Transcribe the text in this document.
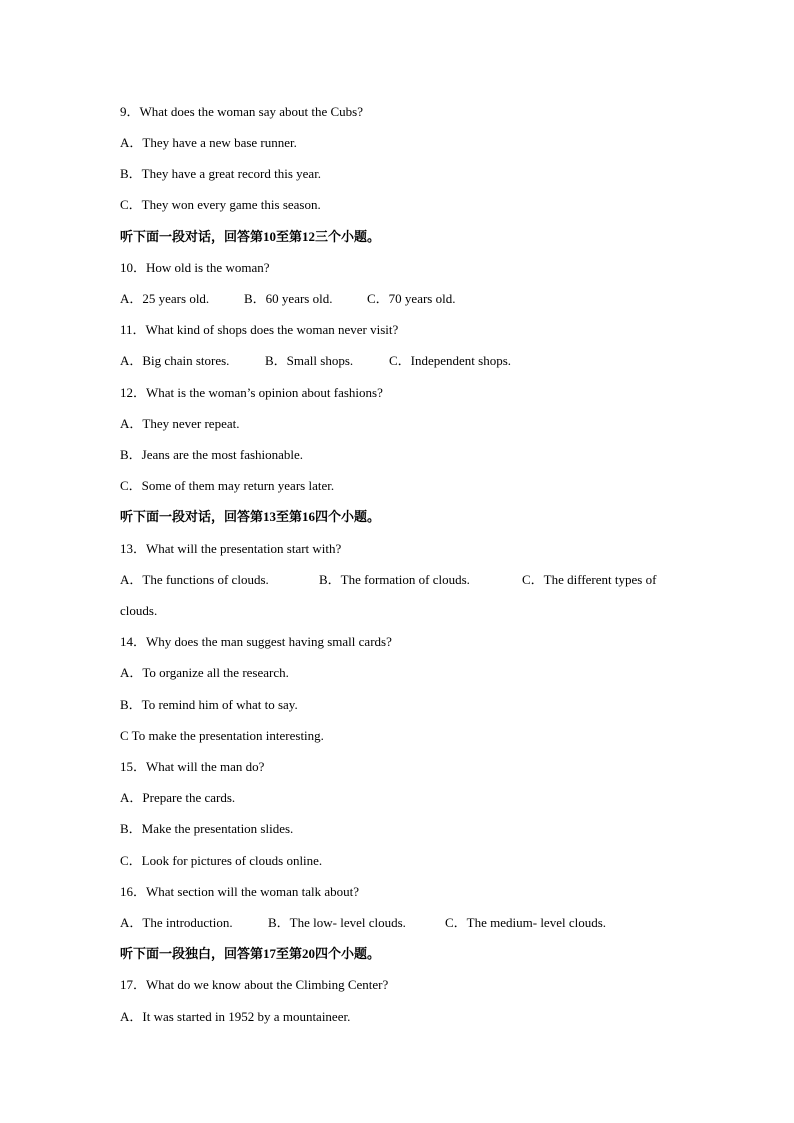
9．What does the woman say about the Cubs?
A．They have a new base runner.
B．They have a great record this year.
C．They won every game this season.
听下面一段对话，回答第10至第12三个小题。
10．How old is the woman?
A．25 years old.	B．60 years old.	C．70 years old.
11．What kind of shops does the woman never visit?
A．Big chain stores.	B．Small shops.	C．Independent shops.
12．What is the woman’s opinion about fashions?
A．They never repeat.
B．Jeans are the most fashionable.
C．Some of them may return years later.
听下面一段对话，回答第13至第16四个小题。
13．What will the presentation start with?
A．The functions of clouds.	B．The formation of clouds.	C．The different types of
clouds.
14．Why does the man suggest having small cards?
A．To organize all the research.
B．To remind him of what to say.
C To make the presentation interesting.
15．What will the man do?
A．Prepare the cards.
B．Make the presentation slides.
C．Look for pictures of clouds online.
16．What section will the woman talk about?
A．The introduction.	B．The low- level clouds.	C．The medium- level clouds.
听下面一段独白，回答第17至第20四个小题。
17．What do we know about the Climbing Center?
A．It was started in 1952 by a mountaineer.
